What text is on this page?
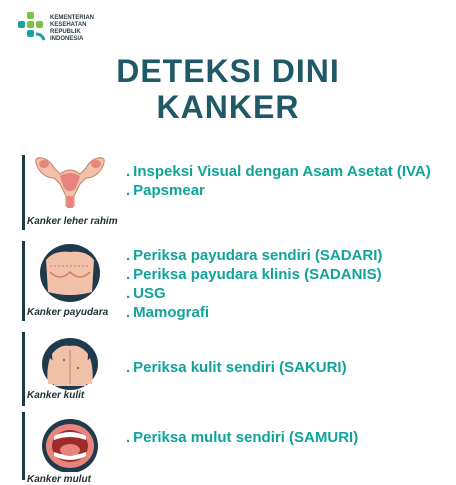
KEMENTERIAN
KESEHATAN
REPUBLIK
INDONESIA
DETEKSI DINI
KANKER
Kanker leher rahim
. Inspeksi Visual dengan Asam Asetat (IVA)
. Papsmear
Kanker payudara
. Periksa payudara sendiri (SADARI)
. Periksa payudara klinis (SADANIS)
. USG
. Mamografi
Kanker kulit
. Periksa kulit sendiri (SAKURI)
Kanker mulut
. Periksa mulut sendiri (SAMURI)
